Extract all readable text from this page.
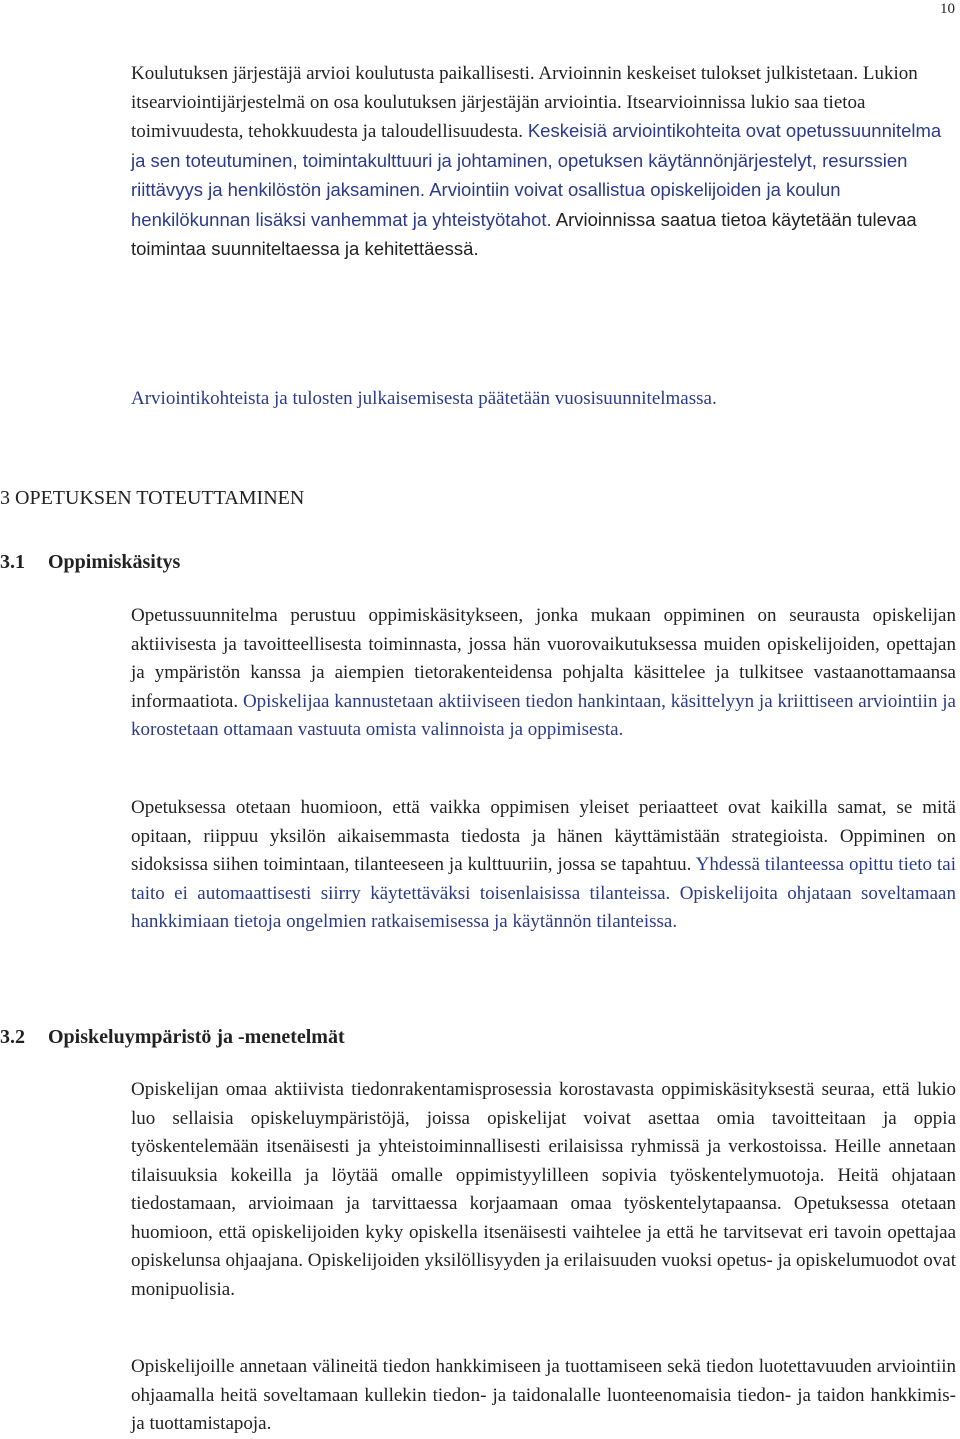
10

Koulutuksen järjestäjä arvioi koulutusta paikallisesti. Arvioinnin keskeiset tulokset julkistetaan. Lukion itsearviointijärjestelmä on osa koulutuksen järjestäjän arviointia. Itsearvioinnissa lukio saa tietoa toimivuudesta, tehokkuudesta ja taloudellisuudesta. Keskeisiä arviointikohteita ovat opetussuunnitelma ja sen toteutuminen, toimintakulttuuri ja johtaminen, opetuksen käytännönjärjestelyt, resurssien riittävyys ja henkilöstön jaksaminen. Arviointiin voivat osallistua opiskelijoiden ja koulun henkilökunnan lisäksi vanhemmat ja yhteistyötahot. Arvioinnissa saatua tietoa käytetään tulevaa toimintaa suunniteltaessa ja kehitettäessä.

Arviointikohteista ja tulosten julkaisemisesta päätetään vuosisuunnitelmassa.

3 OPETUKSEN TOTEUTTAMINEN
3.1 Oppimiskäsitys

Opetussuunnitelma perustuu oppimiskäsitykseen, jonka mukaan oppiminen on seurausta opiskelijan aktiivisesta ja tavoitteellisesta toiminnasta, jossa hän vuorovaikutuksessa muiden opiskelijoiden, opettajan ja ympäristön kanssa ja aiempien tietorakenteidensa pohjalta käsittelee ja tulkitsee vastaanottamaansa informaatiota. Opiskelijaa kannustetaan aktiiviseen tiedon hankintaan, käsittelyyn ja kriittiseen arviointiin ja korostetaan ottamaan vastuuta omista valinnoista ja oppimisesta.

Opetuksessa otetaan huomioon, että vaikka oppimisen yleiset periaatteet ovat kaikilla samat, se mitä opitaan, riippuu yksilön aikaisemmasta tiedosta ja hänen käyttämistään strategioista. Oppiminen on sidoksissa siihen toimintaan, tilanteeseen ja kulttuuriin, jossa se tapahtuu. Yhdessä tilanteessa opittu tieto tai taito ei automaattisesti siirry käytettäväksi toisenlaisissa tilanteissa. Opiskelijoita ohjataan soveltamaan hankkimiaan tietoja ongelmien ratkaisemisessa ja käytännön tilanteissa.

3.2 Opiskeluympäristö ja -menetelmät

Opiskelijan omaa aktiivista tiedonrakentamisprosessia korostavasta oppimiskäsityksestä seuraa, että lukio luo sellaisia opiskeluympäristöjä, joissa opiskelijat voivat asettaa omia tavoitteitaan ja oppia työskentelemään itsenäisesti ja yhteistoiminnallisesti erilaisissa ryhmissä ja verkostoissa. Heille annetaan tilaisuuksia kokeilla ja löytää omalle oppimistyylilleen sopivia työskentelymuotoja. Heitä ohjataan tiedostamaan, arvioimaan ja tarvittaessa korjaamaan omaa työskentelytapaansa. Opetuksessa otetaan huomioon, että opiskelijoiden kyky opiskella itsenäisesti vaihtelee ja että he tarvitsevat eri tavoin opettajaa opiskelunsa ohjaajana. Opiskelijoiden yksilöllisyyden ja erilaisuuden vuoksi opetus- ja opiskelumuodot ovat monipuolisia.

Opiskelijoille annetaan välineitä tiedon hankkimiseen ja tuottamiseen sekä tiedon luotettavuuden arviointiin ohjaamalla heitä soveltamaan kullekin tiedon- ja taidonalalle luonteenomaisia tiedon- ja taidon hankkimis- ja tuottamistapoja.
